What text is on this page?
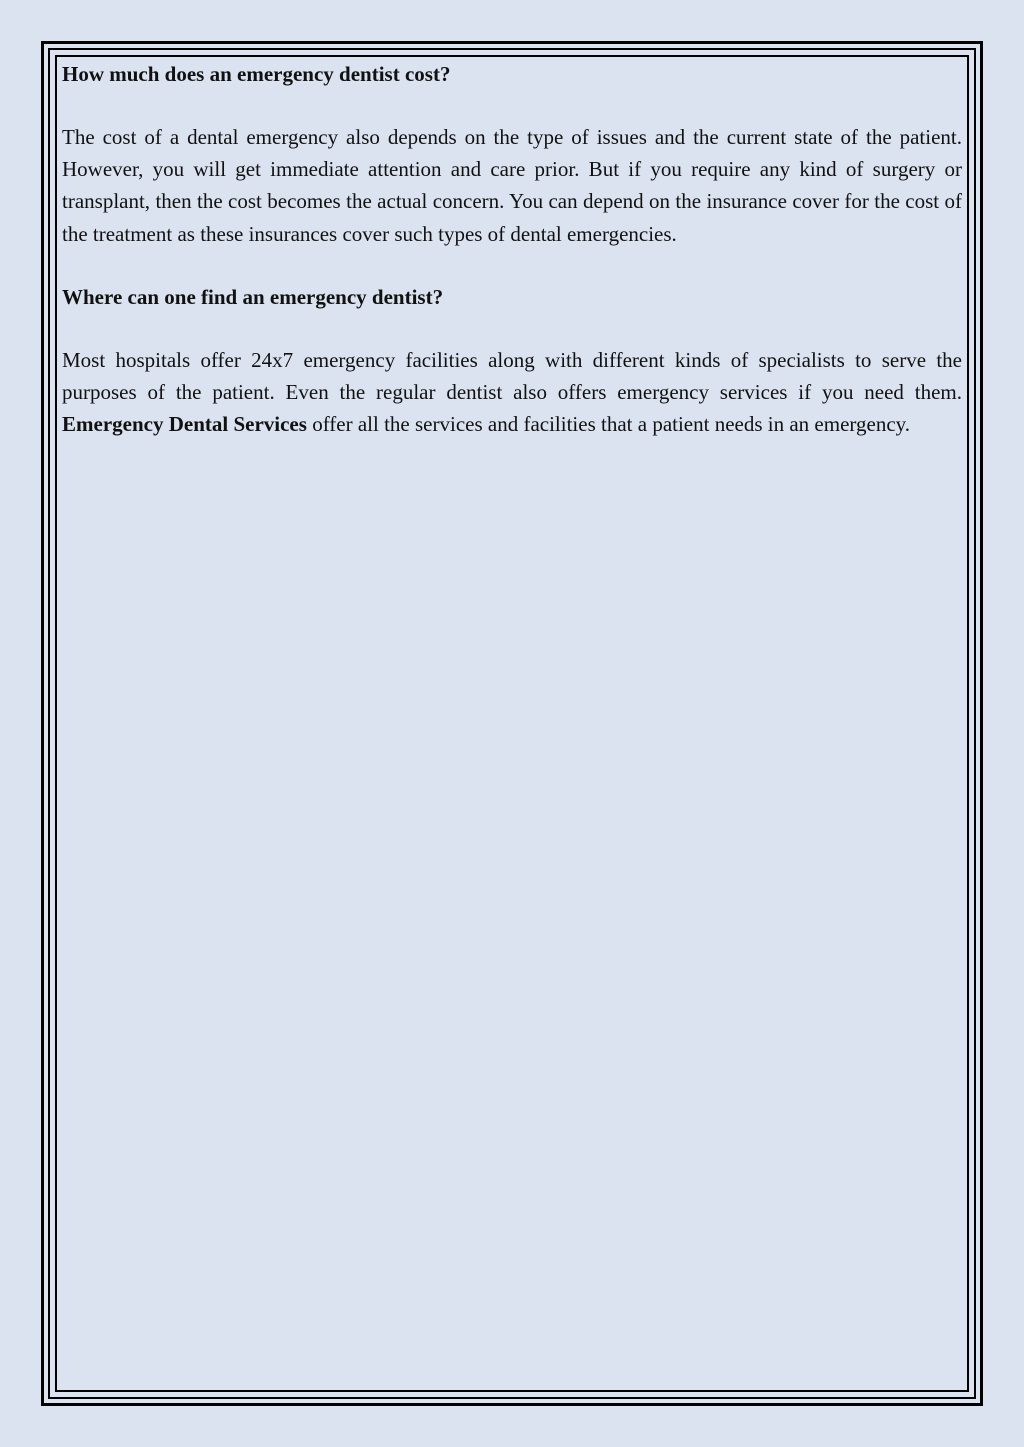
How much does an emergency dentist cost?

The cost of a dental emergency also depends on the type of issues and the current state of the patient. However, you will get immediate attention and care prior. But if you require any kind of surgery or transplant, then the cost becomes the actual concern. You can depend on the insurance cover for the cost of the treatment as these insurances cover such types of dental emergencies.

Where can one find an emergency dentist?

Most hospitals offer 24x7 emergency facilities along with different kinds of specialists to serve the purposes of the patient. Even the regular dentist also offers emergency services if you need them. Emergency Dental Services offer all the services and facilities that a patient needs in an emergency.
